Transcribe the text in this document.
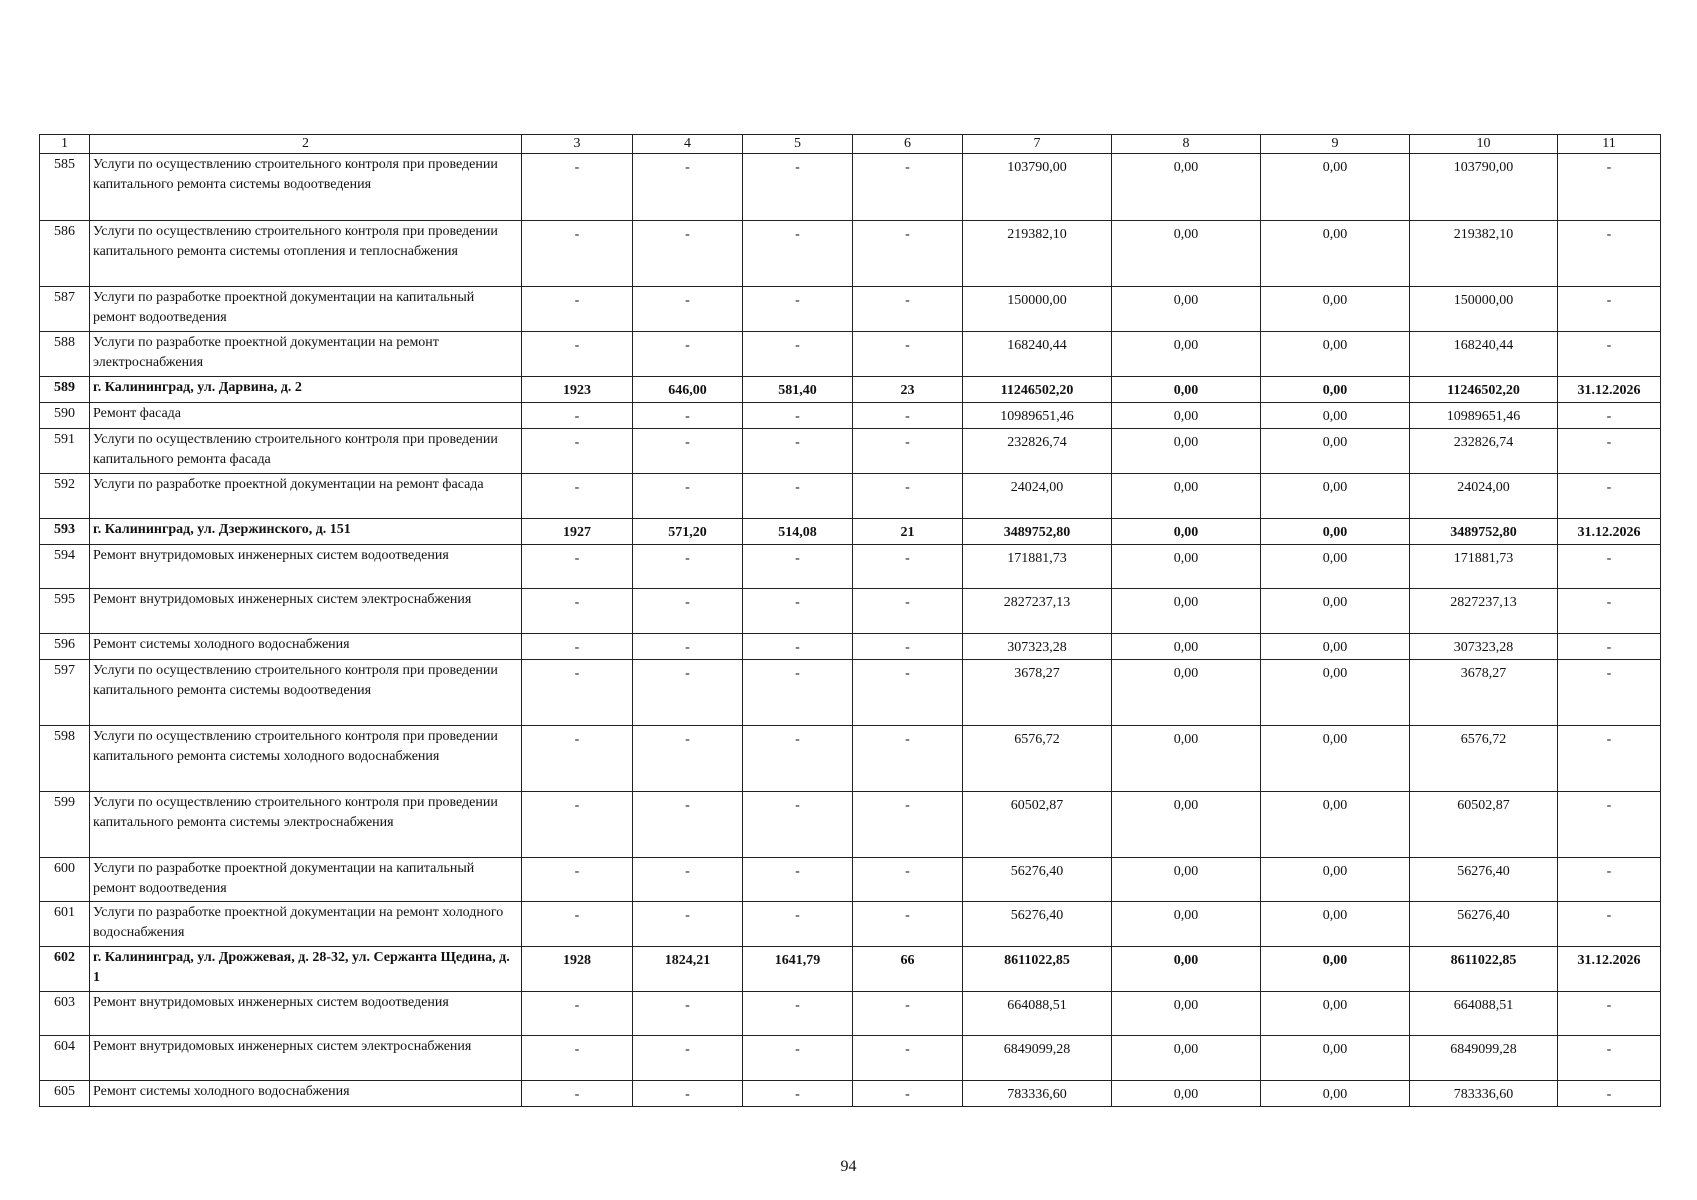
1	2	3	4	5	6	7	8	9	10	11
585	Услуги по осуществлению строительного контроля при проведении капитального ремонта системы водоотведения	-	-	-	-	103790,00	0,00	0,00	103790,00	-
586	Услуги по осуществлению строительного контроля при проведении капитального ремонта системы отопления и теплоснабжения	-	-	-	-	219382,10	0,00	0,00	219382,10	-
587	Услуги по разработке проектной документации на капитальный ремонт водоотведения	-	-	-	-	150000,00	0,00	0,00	150000,00	-
588	Услуги по разработке проектной документации на ремонт электроснабжения	-	-	-	-	168240,44	0,00	0,00	168240,44	-
589	г. Калининград, ул. Дарвина, д. 2	1923	646,00	581,40	23	11246502,20	0,00	0,00	11246502,20	31.12.2026
590	Ремонт фасада	-	-	-	-	10989651,46	0,00	0,00	10989651,46	-
591	Услуги по осуществлению строительного контроля при проведении капитального ремонта фасада	-	-	-	-	232826,74	0,00	0,00	232826,74	-
592	Услуги по разработке проектной документации на ремонт фасада	-	-	-	-	24024,00	0,00	0,00	24024,00	-
593	г. Калининград, ул. Дзержинского, д. 151	1927	571,20	514,08	21	3489752,80	0,00	0,00	3489752,80	31.12.2026
594	Ремонт внутридомовых инженерных систем водоотведения	-	-	-	-	171881,73	0,00	0,00	171881,73	-
595	Ремонт внутридомовых инженерных систем электроснабжения	-	-	-	-	2827237,13	0,00	0,00	2827237,13	-
596	Ремонт системы холодного водоснабжения	-	-	-	-	307323,28	0,00	0,00	307323,28	-
597	Услуги по осуществлению строительного контроля при проведении капитального ремонта системы водоотведения	-	-	-	-	3678,27	0,00	0,00	3678,27	-
598	Услуги по осуществлению строительного контроля при проведении капитального ремонта системы холодного водоснабжения	-	-	-	-	6576,72	0,00	0,00	6576,72	-
599	Услуги по осуществлению строительного контроля при проведении капитального ремонта системы электроснабжения	-	-	-	-	60502,87	0,00	0,00	60502,87	-
600	Услуги по разработке проектной документации на капитальный ремонт водоотведения	-	-	-	-	56276,40	0,00	0,00	56276,40	-
601	Услуги по разработке проектной документации на ремонт холодного водоснабжения	-	-	-	-	56276,40	0,00	0,00	56276,40	-
602	г. Калининград, ул. Дрожжевая, д. 28-32, ул. Сержанта Щедина, д. 1	1928	1824,21	1641,79	66	8611022,85	0,00	0,00	8611022,85	31.12.2026
603	Ремонт внутридомовых инженерных систем водоотведения	-	-	-	-	664088,51	0,00	0,00	664088,51	-
604	Ремонт внутридомовых инженерных систем электроснабжения	-	-	-	-	6849099,28	0,00	0,00	6849099,28	-
605	Ремонт системы холодного водоснабжения	-	-	-	-	783336,60	0,00	0,00	783336,60	-
94
